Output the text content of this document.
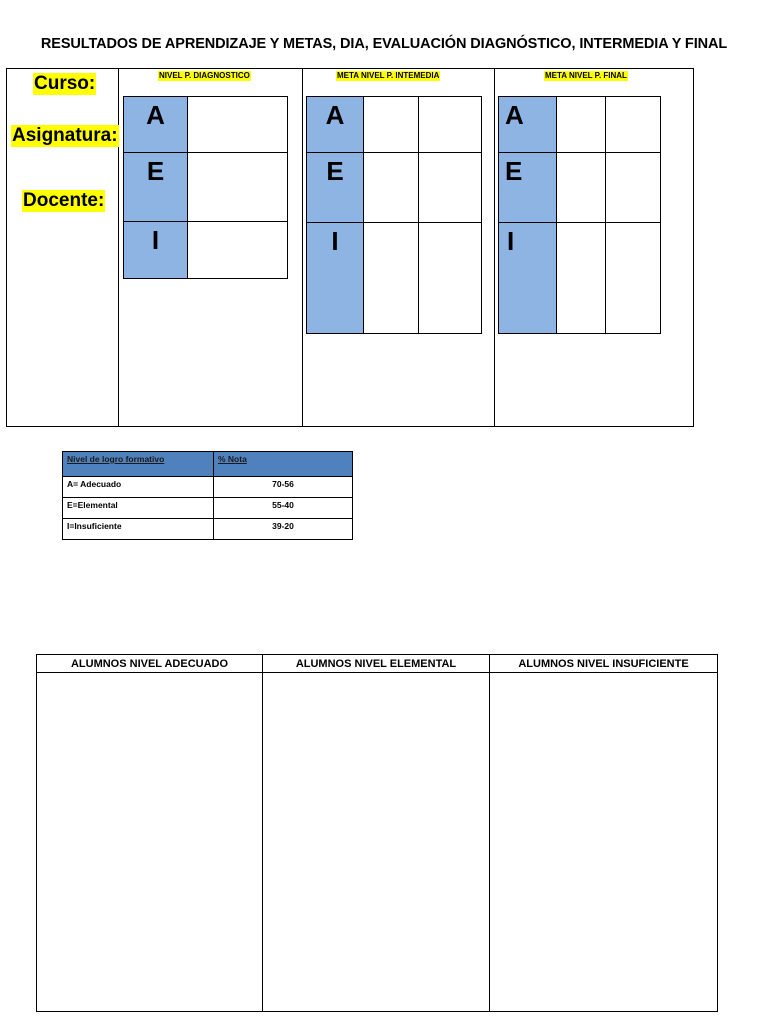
RESULTADOS DE APRENDIZAJE Y METAS, DIA, EVALUACIÓN DIAGNÓSTICO, INTERMEDIA Y FINAL
Curso:
Asignatura:
Docente:
NIVEL P. DIAGNOSTICO	META NIVEL P. INTEMEDIA	META NIVEL P. FINAL
A	
E	
I	
A		
E		
I		
A		
E		
I		
Nivel de logro formativo	% Nota
A= Adecuado	70-56
E=Elemental	55-40
I=Insuficiente	39-20
ALUMNOS NIVEL ADECUADO	ALUMNOS NIVEL ELEMENTAL	ALUMNOS NIVEL INSUFICIENTE
